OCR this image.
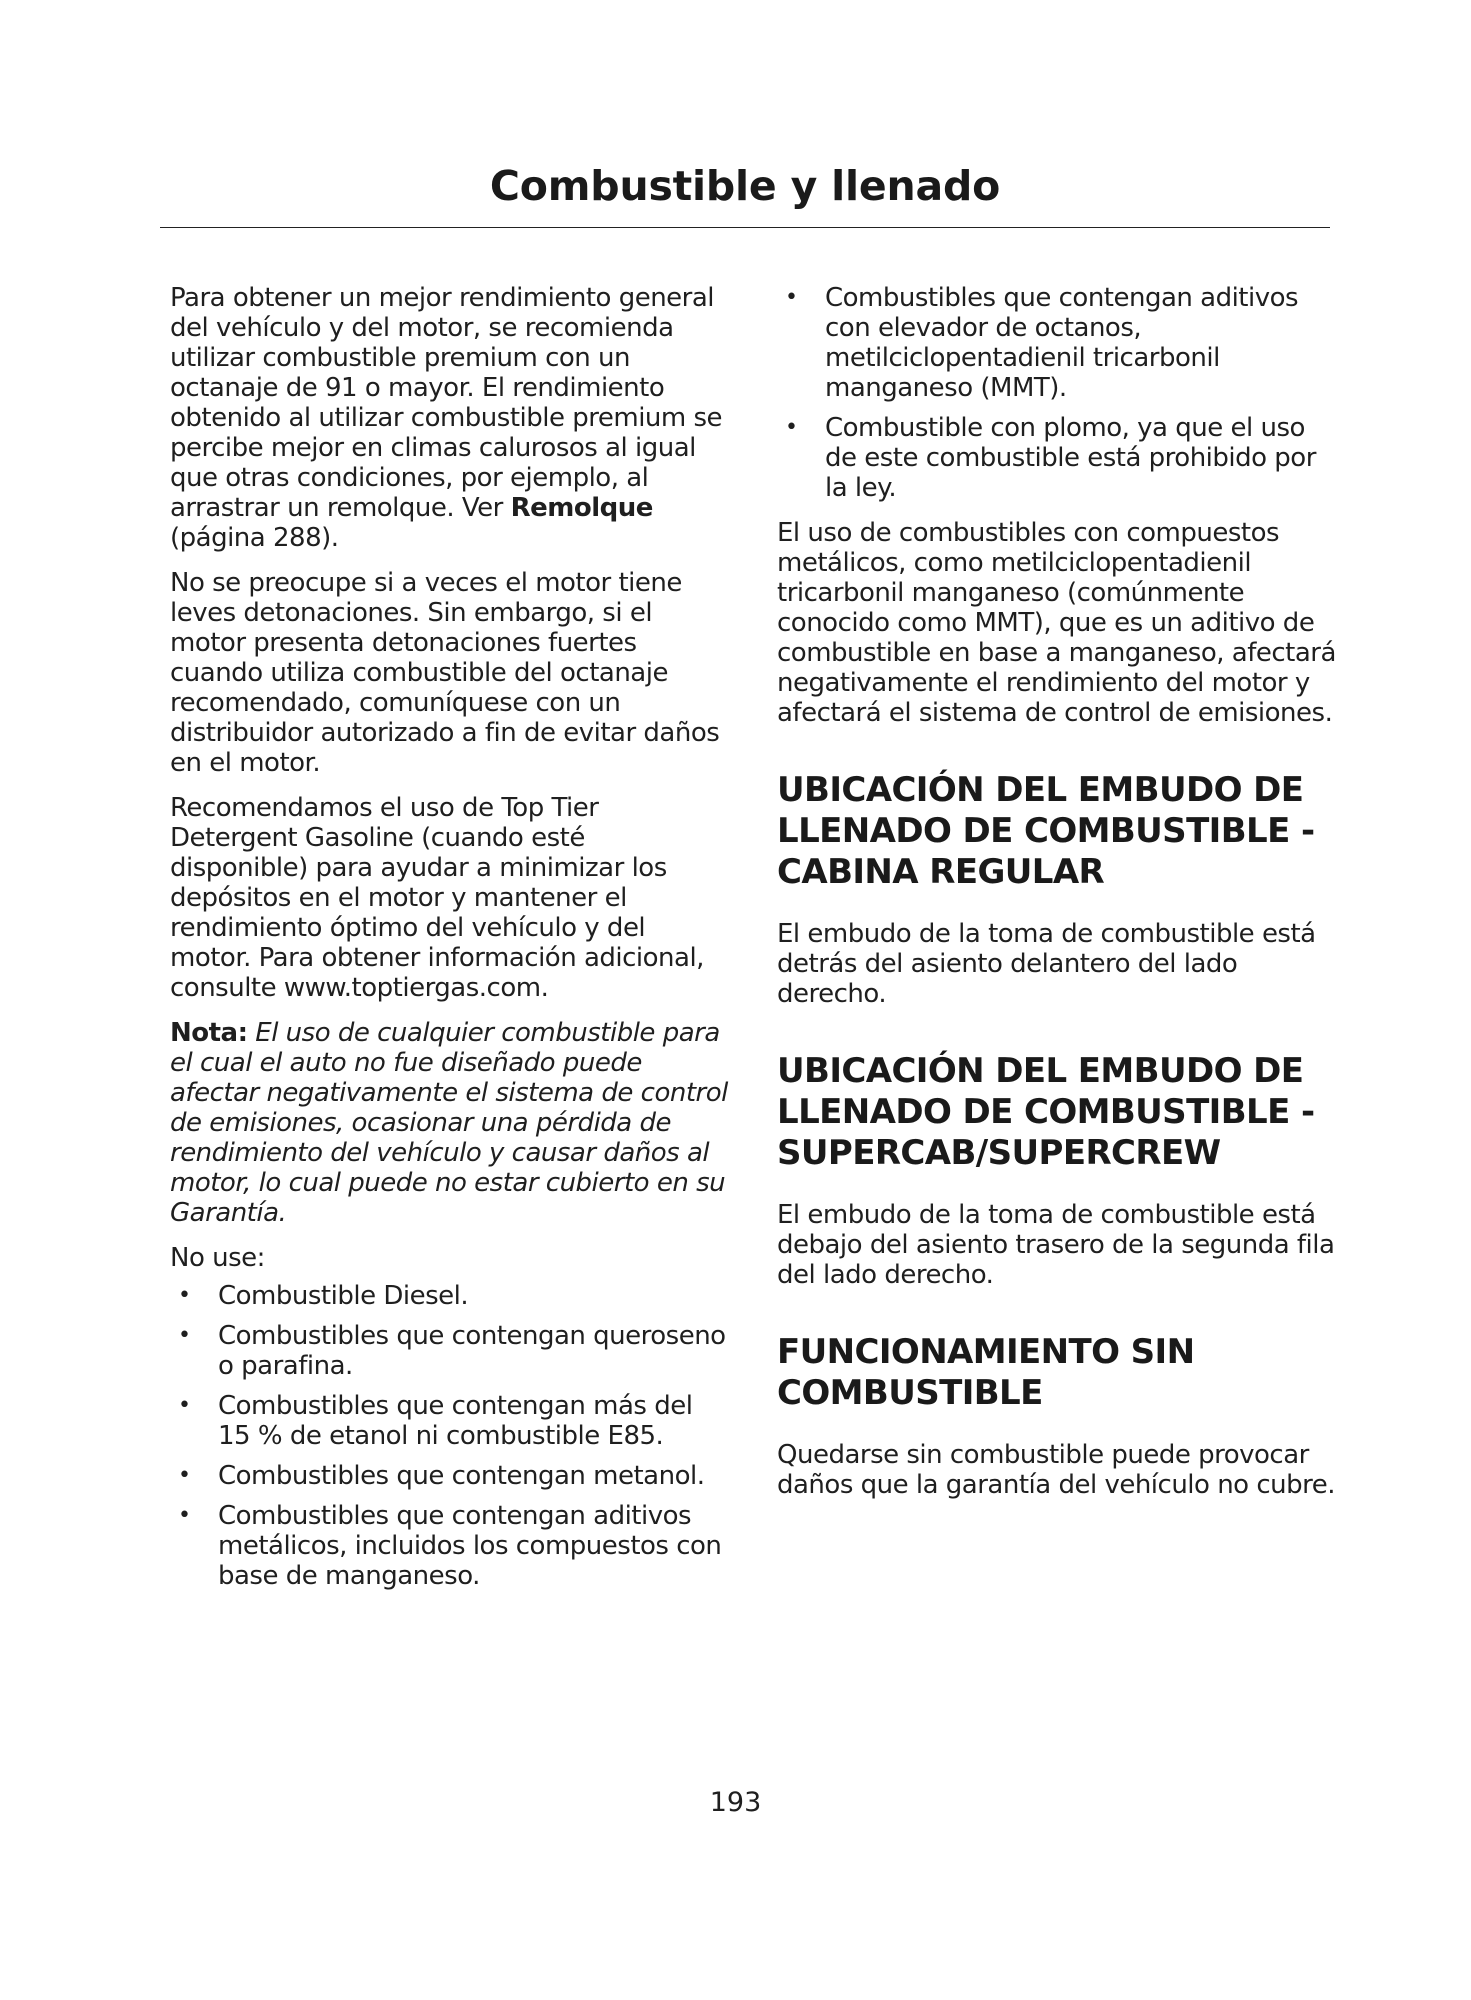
Combustible y llenado

Para obtener un mejor rendimiento general del vehículo y del motor, se recomienda utilizar combustible premium con un octanaje de 91 o mayor. El rendimiento obtenido al utilizar combustible premium se percibe mejor en climas calurosos al igual que otras condiciones, por ejemplo, al arrastrar un remolque. Ver Remolque (página 288).

No se preocupe si a veces el motor tiene leves detonaciones. Sin embargo, si el motor presenta detonaciones fuertes cuando utiliza combustible del octanaje recomendado, comuníquese con un distribuidor autorizado a fin de evitar daños en el motor.

Recomendamos el uso de Top Tier Detergent Gasoline (cuando esté disponible) para ayudar a minimizar los depósitos en el motor y mantener el rendimiento óptimo del vehículo y del motor. Para obtener información adicional, consulte www.toptiergas.com.

Nota: El uso de cualquier combustible para el cual el auto no fue diseñado puede afectar negativamente el sistema de control de emisiones, ocasionar una pérdida de rendimiento del vehículo y causar daños al motor, lo cual puede no estar cubierto en su Garantía.

No use:

• Combustible Diesel.
• Combustibles que contengan queroseno o parafina.
• Combustibles que contengan más del 15 % de etanol ni combustible E85.
• Combustibles que contengan metanol.
• Combustibles que contengan aditivos metálicos, incluidos los compuestos con base de manganeso.
• Combustibles que contengan aditivos con elevador de octanos, metilciclopentadienil tricarbonil manganeso (MMT).
• Combustible con plomo, ya que el uso de este combustible está prohibido por la ley.

El uso de combustibles con compuestos metálicos, como metilciclopentadienil tricarbonil manganeso (comúnmente conocido como MMT), que es un aditivo de combustible en base a manganeso, afectará negativamente el rendimiento del motor y afectará el sistema de control de emisiones.

UBICACIÓN DEL EMBUDO DE LLENADO DE COMBUSTIBLE - CABINA REGULAR

El embudo de la toma de combustible está detrás del asiento delantero del lado derecho.

UBICACIÓN DEL EMBUDO DE LLENADO DE COMBUSTIBLE - SUPERCAB/SUPERCREW

El embudo de la toma de combustible está debajo del asiento trasero de la segunda fila del lado derecho.

FUNCIONAMIENTO SIN COMBUSTIBLE

Quedarse sin combustible puede provocar daños que la garantía del vehículo no cubre.

193
